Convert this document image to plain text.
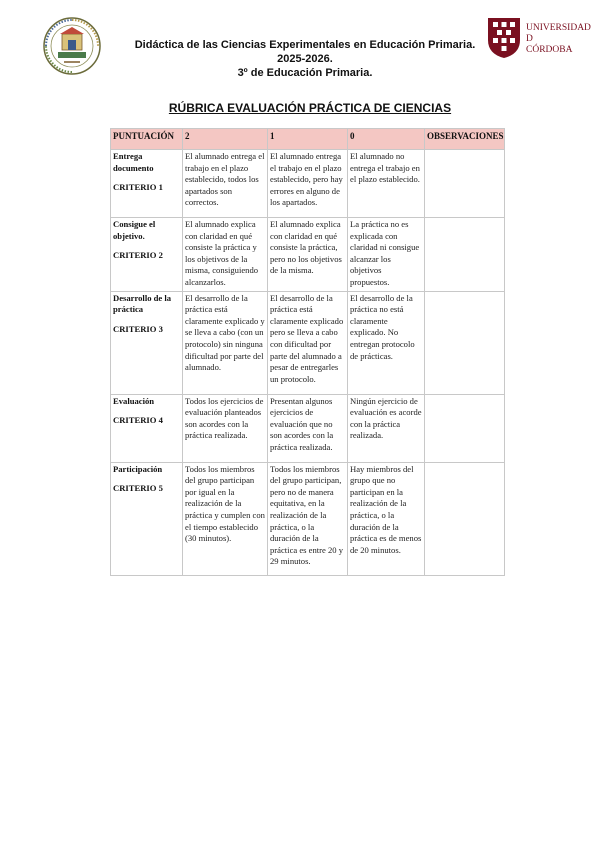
UNIVERSIDAD
D
CÓRDOBA
Didáctica de las Ciencias Experimentales en Educación Primaria.
2025-2026.
3º de Educación Primaria.
RÚBRICA EVALUACIÓN PRÁCTICA DE CIENCIAS
PUNTUACIÓN	2	1	0	OBSERVACIONES

Entrega documento
CRITERIO 1	El alumnado entrega el trabajo en el plazo establecido, todos los apartados son correctos.	El alumnado entrega el trabajo en el plazo establecido, pero hay errores en alguno de los apartados.	El alumnado no entrega el trabajo en el plazo establecido.	

Consigue el objetivo.
CRITERIO 2	El alumnado explica con claridad en qué consiste la práctica y los objetivos de la misma, consiguiendo alcanzarlos.	El alumnado explica con claridad en qué consiste la práctica, pero no los objetivos de la misma.	La práctica no es explicada con claridad ni consigue alcanzar los objetivos propuestos.	

Desarrollo de la práctica
CRITERIO 3	El desarrollo de la práctica está claramente explicado y se lleva a cabo (con un protocolo) sin ninguna dificultad por parte del alumnado.	El desarrollo de la práctica está claramente explicado pero se lleva a cabo con dificultad por parte del alumnado a pesar de entregarles un protocolo.	El desarrollo de la práctica no está claramente explicado. No entregan protocolo de prácticas.	

Evaluación
CRITERIO 4	Todos los ejercicios de evaluación planteados son acordes con la práctica realizada.	Presentan algunos ejercicios de evaluación que no son acordes con la práctica realizada.	Ningún ejercicio de evaluación es acorde con la práctica realizada.	

Participación
CRITERIO 5	Todos los miembros del grupo participan por igual en la realización de la práctica y cumplen con el tiempo establecido (30 minutos).	Todos los miembros del grupo participan, pero no de manera equitativa, en la realización de la práctica, o la duración de la práctica es entre 20 y 29 minutos.	Hay miembros del grupo que no participan en la realización de la práctica, o la duración de la práctica es de menos de 20 minutos.	
